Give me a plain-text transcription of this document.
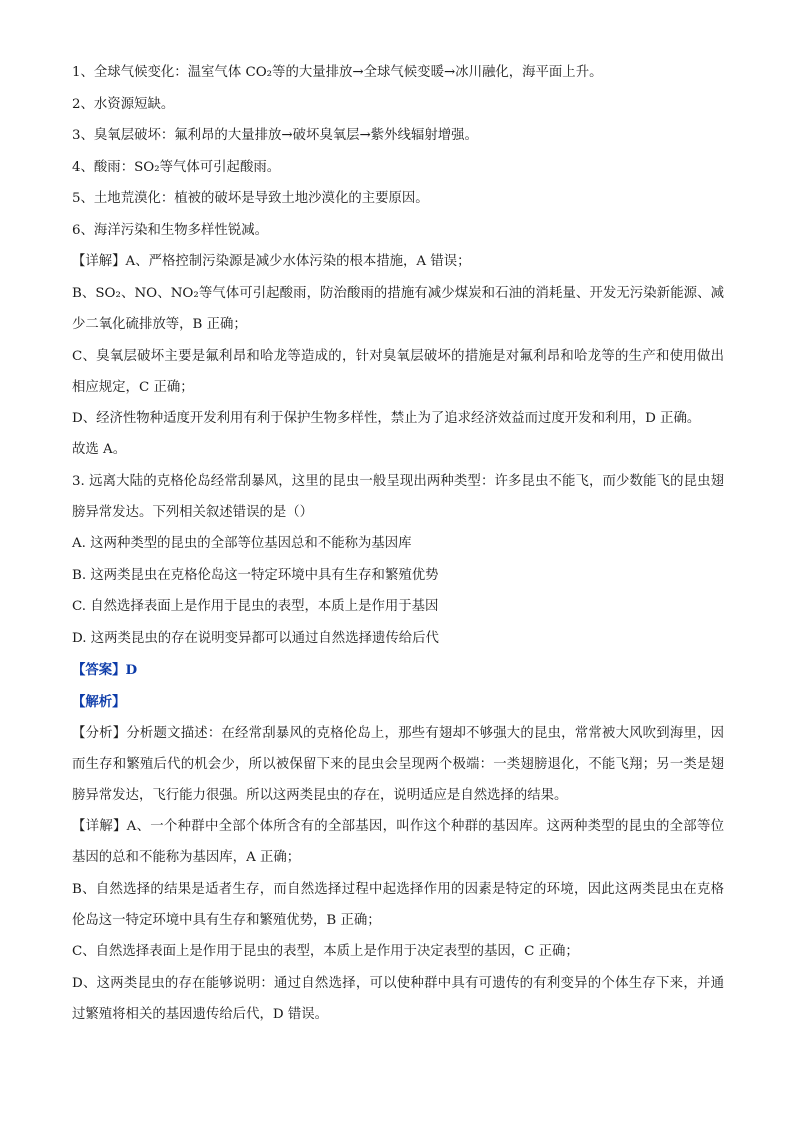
1、全球气候变化：温室气体 CO₂等的大量排放→全球气候变暖→冰川融化，海平面上升。
2、水资源短缺。
3、臭氧层破坏：氟利昂的大量排放→破坏臭氧层→紫外线辐射增强。
4、酸雨：SO₂等气体可引起酸雨。
5、土地荒漠化：植被的破坏是导致土地沙漠化的主要原因。
6、海洋污染和生物多样性锐减。
【详解】A、严格控制污染源是减少水体污染的根本措施，A 错误；
B、SO₂、NO、NO₂等气体可引起酸雨，防治酸雨的措施有减少煤炭和石油的消耗量、开发无污染新能源、减少二氧化硫排放等，B 正确；
C、臭氧层破坏主要是氟利昂和哈龙等造成的，针对臭氧层破坏的措施是对氟利昂和哈龙等的生产和使用做出相应规定，C 正确；
D、经济性物种适度开发利用有利于保护生物多样性，禁止为了追求经济效益而过度开发和利用，D 正确。
故选 A。
3. 远离大陆的克格伦岛经常刮暴风，这里的昆虫一般呈现出两种类型：许多昆虫不能飞，而少数能飞的昆虫翅膀异常发达。下列相关叙述错误的是（）
A. 这两种类型的昆虫的全部等位基因总和不能称为基因库
B. 这两类昆虫在克格伦岛这一特定环境中具有生存和繁殖优势
C. 自然选择表面上是作用于昆虫的表型，本质上是作用于基因
D. 这两类昆虫的存在说明变异都可以通过自然选择遗传给后代
【答案】D
【解析】
【分析】分析题文描述：在经常刮暴风的克格伦岛上，那些有翅却不够强大的昆虫，常常被大风吹到海里，因而生存和繁殖后代的机会少，所以被保留下来的昆虫会呈现两个极端：一类翅膀退化，不能飞翔；另一类是翅膀异常发达，飞行能力很强。所以这两类昆虫的存在，说明适应是自然选择的结果。
【详解】A、一个种群中全部个体所含有的全部基因，叫作这个种群的基因库。这两种类型的昆虫的全部等位基因的总和不能称为基因库，A 正确；
B、自然选择的结果是适者生存，而自然选择过程中起选择作用的因素是特定的环境，因此这两类昆虫在克格伦岛这一特定环境中具有生存和繁殖优势，B 正确；
C、自然选择表面上是作用于昆虫的表型，本质上是作用于决定表型的基因，C 正确；
D、这两类昆虫的存在能够说明：通过自然选择，可以使种群中具有可遗传的有利变异的个体生存下来，并通过繁殖将相关的基因遗传给后代，D 错误。
